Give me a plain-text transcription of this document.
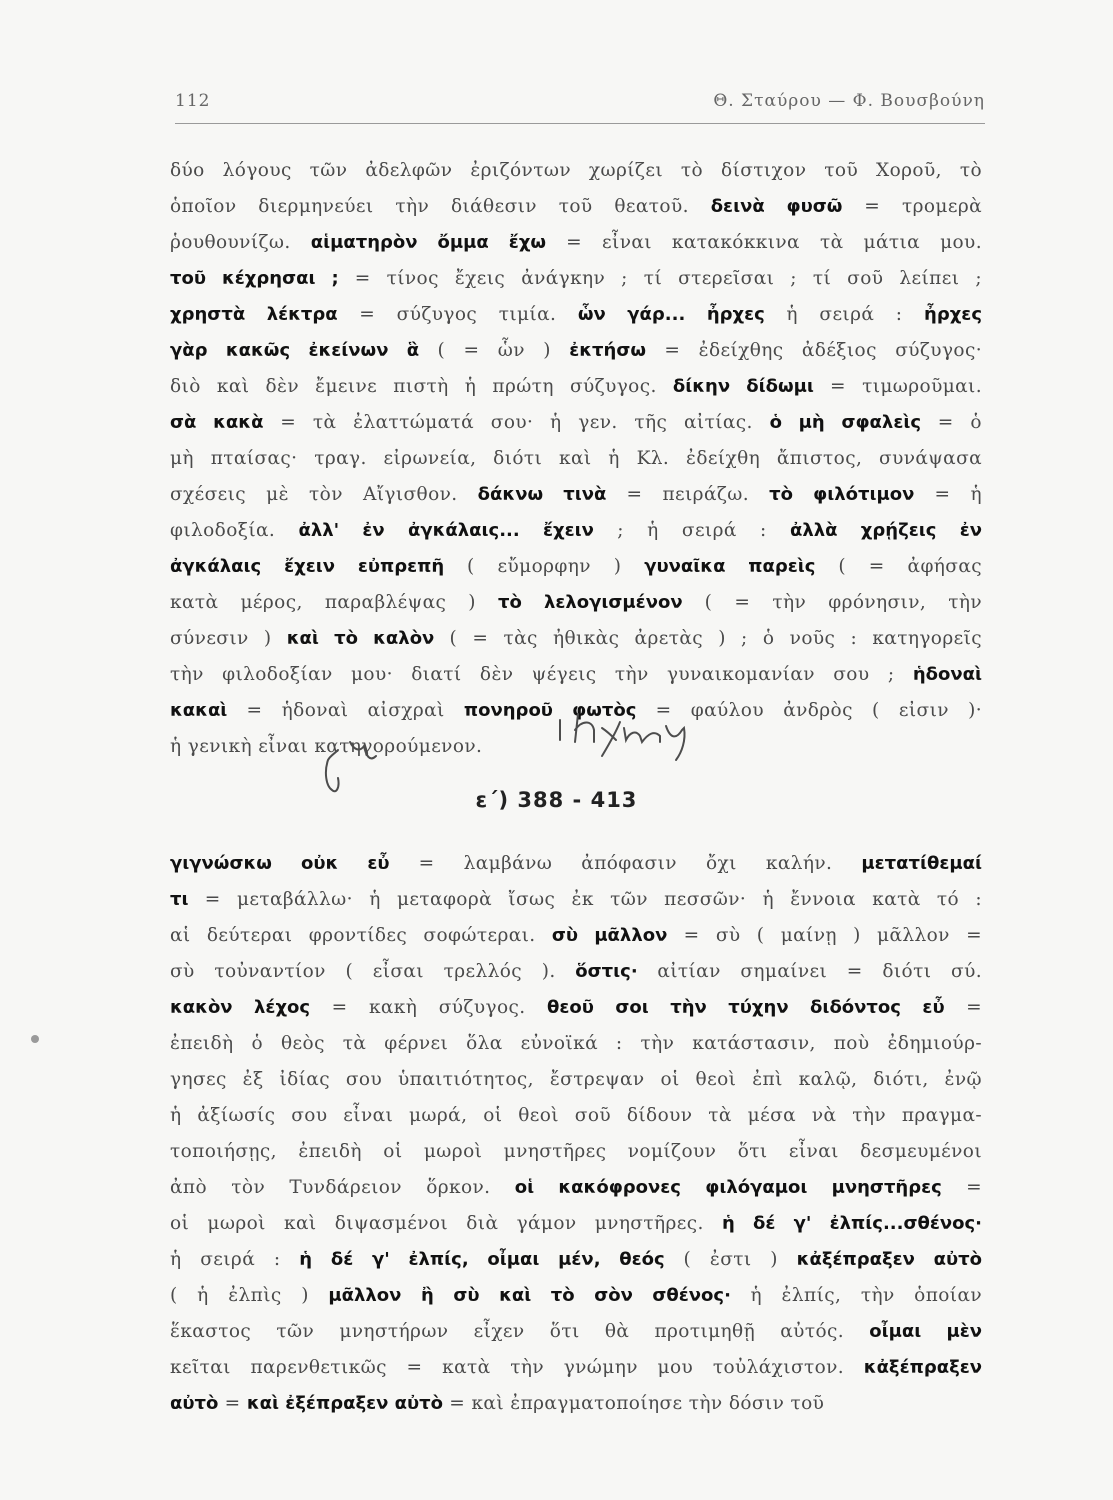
112	Θ. Σταύρου — Φ. Βουσβούνη
δύο λόγους τῶν ἀδελφῶν ἐριζόντων χωρίζει τὸ δίστιχον τοῦ Χοροῦ, τὸ
ὁποῖον διερμηνεύει τὴν διάθεσιν τοῦ θεατοῦ. δεινὰ φυσῶ = τρομερὰ
ῥουθουνίζω. αἱματηρὸν ὄμμα ἔχω = εἶναι κατακόκκινα τὰ μάτια μου.
τοῦ κέχρησαι ; = τίνος ἔχεις ἀνάγκην ; τί στερεῖσαι ; τί σοῦ λείπει ;
χρηστὰ λέκτρα = σύζυγος τιμία. ὧν γάρ... ἦρχες ἡ σειρά : ἦρχες
γὰρ κακῶς ἐκείνων ἃ ( = ὧν ) ἐκτήσω = ἐδείχθης ἀδέξιος σύζυγος·
διὸ καὶ δὲν ἔμεινε πιστὴ ἡ πρώτη σύζυγος. δίκην δίδωμι = τιμωροῦμαι.
σὰ κακὰ = τὰ ἐλαττώματά σου· ἡ γεν. τῆς αἰτίας. ὁ μὴ σφαλεὶς = ὁ
μὴ πταίσας· τραγ. εἰρωνεία, διότι καὶ ἡ Κλ. ἐδείχθη ἄπιστος, συνάψασα
σχέσεις μὲ τὸν Αἴγισθον. δάκνω τινὰ = πειράζω. τὸ φιλότιμον = ἡ
φιλοδοξία. ἀλλ' ἐν ἀγκάλαις... ἔχειν ; ἡ σειρά : ἀλλὰ χρῄζεις ἐν
ἀγκάλαις ἔχειν εὐπρεπῆ ( εὔμορφην ) γυναῖκα παρεὶς ( = ἀφήσας
κατὰ μέρος, παραβλέψας ) τὸ λελογισμένον ( = τὴν φρόνησιν, τὴν
σύνεσιν ) καὶ τὸ καλὸν ( = τὰς ἠθικὰς ἀρετὰς ) ; ὁ νοῦς : κατηγορεῖς
τὴν φιλοδοξίαν μου· διατί δὲν ψέγεις τὴν γυναικομανίαν σου ; ἡδοναὶ
κακαὶ = ἡδοναὶ αἰσχραὶ πονηροῦ φωτὸς = φαύλου ἀνδρὸς ( εἰσιν )·
ἡ γενικὴ εἶναι κατηγορούμενον.
ε΄) 388 - 413
γιγνώσκω οὐκ εὖ = λαμβάνω ἀπόφασιν ὄχι καλήν. μετατίθεμαί
τι = μεταβάλλω· ἡ μεταφορὰ ἴσως ἐκ τῶν πεσσῶν· ἡ ἔννοια κατὰ τό :
αἱ δεύτεραι φροντίδες σοφώτεραι. σὺ μᾶλλον = σὺ ( μαίνῃ ) μᾶλλον =
σὺ τοὐναντίον ( εἶσαι τρελλός ). ὅστις· αἰτίαν σημαίνει = διότι σύ.
κακὸν λέχος = κακὴ σύζυγος. θεοῦ σοι τὴν τύχην διδόντος εὖ =
ἐπειδὴ ὁ θεὸς τὰ φέρνει ὅλα εὐνοϊκά : τὴν κατάστασιν, ποὺ ἐδημιούρ-
γησες ἐξ ἰδίας σου ὑπαιτιότητος, ἔστρεψαν οἱ θεοὶ ἐπὶ καλῷ, διότι, ἐνῷ
ἡ ἀξίωσίς σου εἶναι μωρά, οἱ θεοὶ σοῦ δίδουν τὰ μέσα νὰ τὴν πραγμα-
τοποιήσῃς, ἐπειδὴ οἱ μωροὶ μνηστῆρες νομίζουν ὅτι εἶναι δεσμευμένοι
ἀπὸ τὸν Τυνδάρειον ὅρκον. οἱ κακόφρονες φιλόγαμοι μνηστῆρες =
οἱ μωροὶ καὶ διψασμένοι διὰ γάμον μνηστῆρες. ἡ δέ γ' ἐλπίς...σθένος·
ἡ σειρά : ἡ δέ γ' ἐλπίς, οἶμαι μέν, θεός ( ἐστι ) κἀξέπραξεν αὐτὸ
( ἡ ἐλπὶς ) μᾶλλον ἢ σὺ καὶ τὸ σὸν σθένος· ἡ ἐλπίς, τὴν ὁποίαν
ἕκαστος τῶν μνηστήρων εἶχεν ὅτι θὰ προτιμηθῇ αὐτός. οἶμαι μὲν
κεῖται παρενθετικῶς = κατὰ τὴν γνώμην μου τοὐλάχιστον. κἀξέπραξεν
αὐτὸ = καὶ ἐξέπραξεν αὐτὸ = καὶ ἐπραγματοποίησε τὴν δόσιν τοῦ
